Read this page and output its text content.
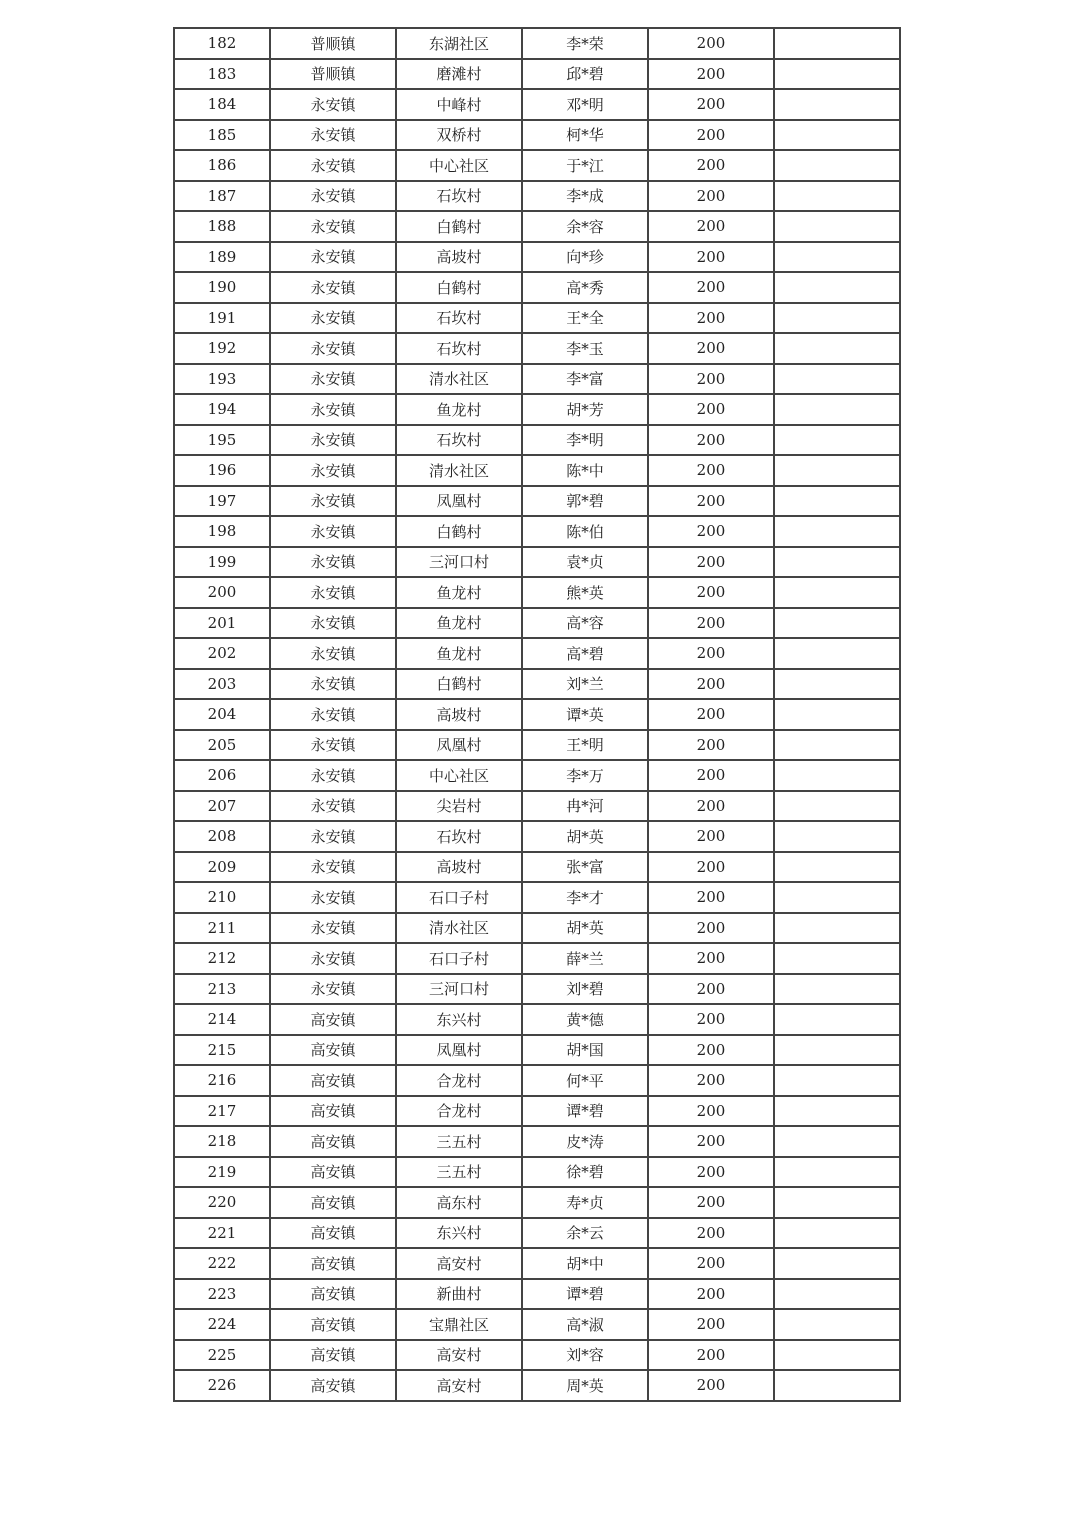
182	普顺镇	东湖社区	李*荣	200	
183	普顺镇	磨滩村	邱*碧	200	
184	永安镇	中峰村	邓*明	200	
185	永安镇	双桥村	柯*华	200	
186	永安镇	中心社区	于*江	200	
187	永安镇	石坎村	李*成	200	
188	永安镇	白鹤村	余*容	200	
189	永安镇	高坡村	向*珍	200	
190	永安镇	白鹤村	高*秀	200	
191	永安镇	石坎村	王*全	200	
192	永安镇	石坎村	李*玉	200	
193	永安镇	清水社区	李*富	200	
194	永安镇	鱼龙村	胡*芳	200	
195	永安镇	石坎村	李*明	200	
196	永安镇	清水社区	陈*中	200	
197	永安镇	凤凰村	郭*碧	200	
198	永安镇	白鹤村	陈*伯	200	
199	永安镇	三河口村	袁*贞	200	
200	永安镇	鱼龙村	熊*英	200	
201	永安镇	鱼龙村	高*容	200	
202	永安镇	鱼龙村	高*碧	200	
203	永安镇	白鹤村	刘*兰	200	
204	永安镇	高坡村	谭*英	200	
205	永安镇	凤凰村	王*明	200	
206	永安镇	中心社区	李*万	200	
207	永安镇	尖岩村	冉*河	200	
208	永安镇	石坎村	胡*英	200	
209	永安镇	高坡村	张*富	200	
210	永安镇	石口子村	李*才	200	
211	永安镇	清水社区	胡*英	200	
212	永安镇	石口子村	薛*兰	200	
213	永安镇	三河口村	刘*碧	200	
214	高安镇	东兴村	黄*德	200	
215	高安镇	凤凰村	胡*国	200	
216	高安镇	合龙村	何*平	200	
217	高安镇	合龙村	谭*碧	200	
218	高安镇	三五村	皮*涛	200	
219	高安镇	三五村	徐*碧	200	
220	高安镇	高东村	寿*贞	200	
221	高安镇	东兴村	余*云	200	
222	高安镇	高安村	胡*中	200	
223	高安镇	新曲村	谭*碧	200	
224	高安镇	宝鼎社区	高*淑	200	
225	高安镇	高安村	刘*容	200	
226	高安镇	高安村	周*英	200	
